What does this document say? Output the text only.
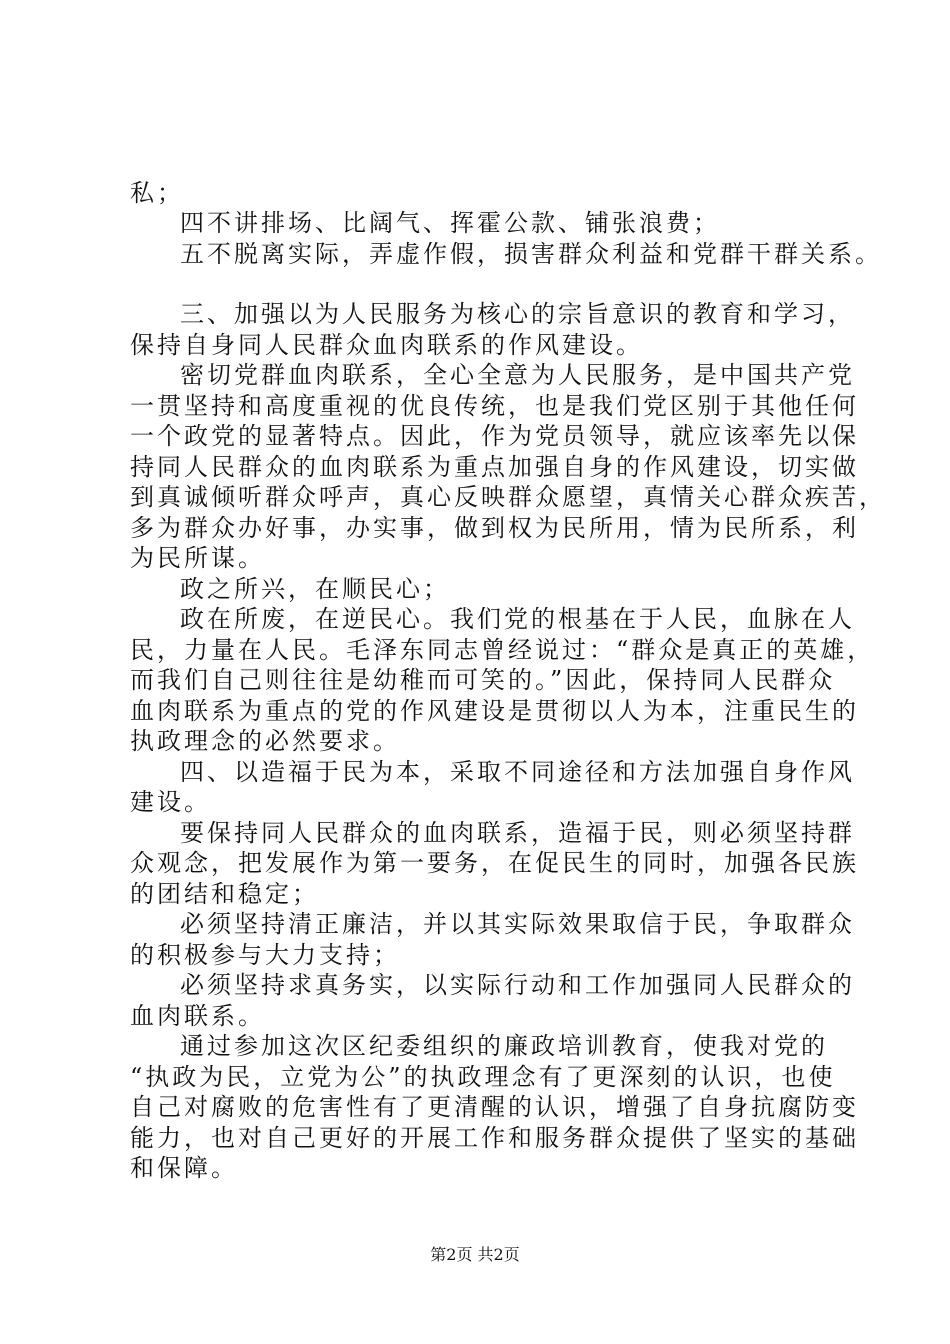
私；
四不讲排场、比阔气、挥霍公款、铺张浪费；
五不脱离实际，弄虚作假，损害群众利益和党群干群关系。
三、加强以为人民服务为核心的宗旨意识的教育和学习，
保持自身同人民群众血肉联系的作风建设。
密切党群血肉联系，全心全意为人民服务，是中国共产党
一贯坚持和高度重视的优良传统，也是我们党区别于其他任何
一个政党的显著特点。因此，作为党员领导，就应该率先以保
持同人民群众的血肉联系为重点加强自身的作风建设，切实做
到真诚倾听群众呼声，真心反映群众愿望，真情关心群众疾苦，
多为群众办好事，办实事，做到权为民所用，情为民所系，利
为民所谋。
政之所兴，在顺民心；
政在所废，在逆民心。我们党的根基在于人民，血脉在人
民，力量在人民。毛泽东同志曾经说过：“群众是真正的英雄，
而我们自己则往往是幼稚而可笑的。”因此，保持同人民群众
血肉联系为重点的党的作风建设是贯彻以人为本，注重民生的
执政理念的必然要求。
四、以造福于民为本，采取不同途径和方法加强自身作风
建设。
要保持同人民群众的血肉联系，造福于民，则必须坚持群
众观念，把发展作为第一要务，在促民生的同时，加强各民族
的团结和稳定；
必须坚持清正廉洁，并以其实际效果取信于民，争取群众
的积极参与大力支持；
必须坚持求真务实，以实际行动和工作加强同人民群众的
血肉联系。
通过参加这次区纪委组织的廉政培训教育，使我对党的
“执政为民，立党为公”的执政理念有了更深刻的认识，也使
自己对腐败的危害性有了更清醒的认识，增强了自身抗腐防变
能力，也对自己更好的开展工作和服务群众提供了坚实的基础
和保障。
第2页 共2页
